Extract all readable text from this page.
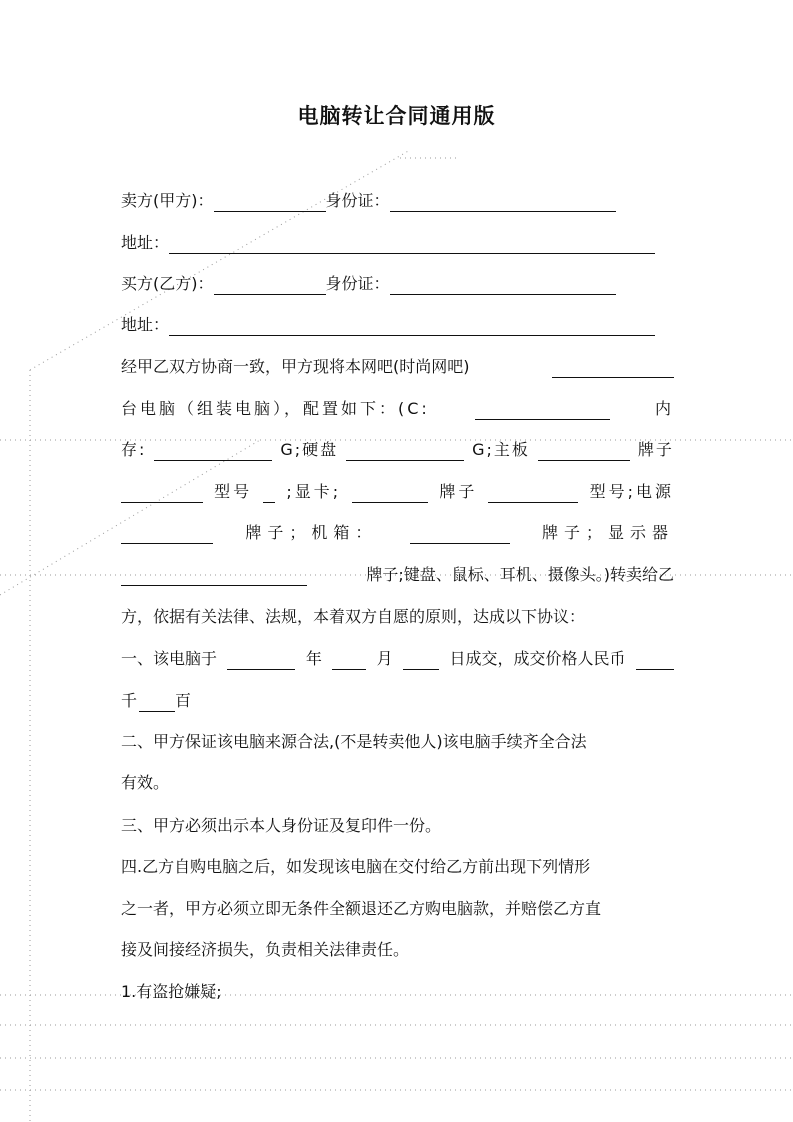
电脑转让合同通用版
卖方(甲方)：	身份证：
地址：
买方(乙方)：	身份证：
地址：
经甲乙双方协商一致，甲方现将本网吧(时尚网吧)
台电脑（组装电脑），配置如下：(C:	内
存:	G;硬盘	G;主板	牌子
型号 ;显卡;	牌子	型号;电源
牌子；机箱：	牌子；显示器
牌子;键盘、鼠标、耳机、摄像头。)转卖给乙
方，依据有关法律、法规，本着双方自愿的原则，达成以下协议：
一、该电脑于	年	月	日成交，成交价格人民币
千 百
二、甲方保证该电脑来源合法,(不是转卖他人)该电脑手续齐全合法
有效。
三、甲方必须出示本人身份证及复印件一份。
四.乙方自购电脑之后，如发现该电脑在交付给乙方前出现下列情形
之一者，甲方必须立即无条件全额退还乙方购电脑款，并赔偿乙方直
接及间接经济损失，负责相关法律责任。
1.有盗抢嫌疑;
